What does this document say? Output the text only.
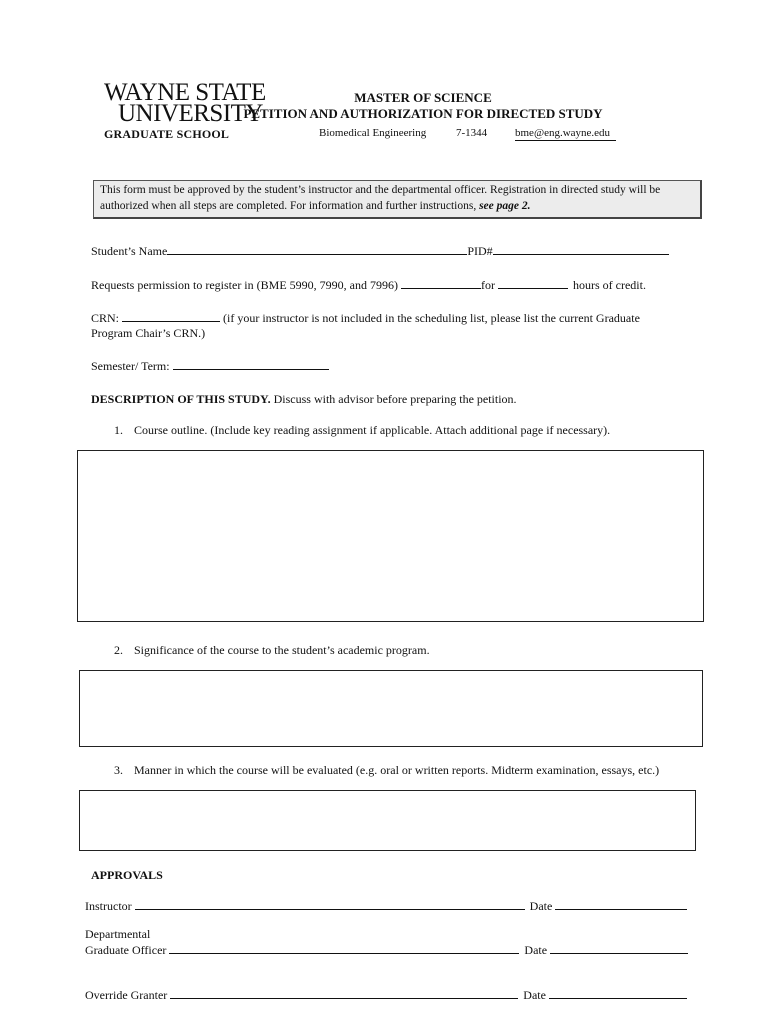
WAYNE STATE
UNIVERSITY
GRADUATE SCHOOL
MASTER OF SCIENCE
PETITION AND AUTHORIZATION FOR DIRECTED STUDY
Biomedical Engineering	7-1344	bme@eng.wayne.edu
This form must be approved by the student’s instructor and the departmental officer. Registration in directed study will be authorized when all steps are completed. For information and further instructions, see page 2.
Student’s Name	PID#
Requests permission to register in (BME 5990, 7990, and 7996)	for	hours of credit.
CRN:	(if your instructor is not included in the scheduling list, please list the current Graduate
Program Chair’s CRN.)
Semester/ Term:
DESCRIPTION OF THIS STUDY. Discuss with advisor before preparing the petition.
1. Course outline. (Include key reading assignment if applicable. Attach additional page if necessary).
2. Significance of the course to the student’s academic program.
3. Manner in which the course will be evaluated (e.g. oral or written reports. Midterm examination, essays, etc.)
APPROVALS
Instructor	Date
Departmental
Graduate Officer	Date
Override Granter	Date
